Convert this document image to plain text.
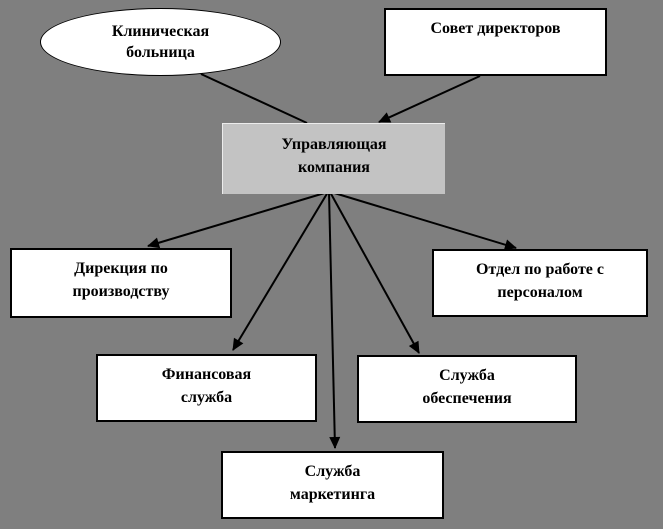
Клиническая
больница
Совет директоров
Управляющая
компания
Дирекция по
производству
Отдел по работе с
персоналом
Финансовая
служба
Служба
обеспечения
Служба
маркетинга
